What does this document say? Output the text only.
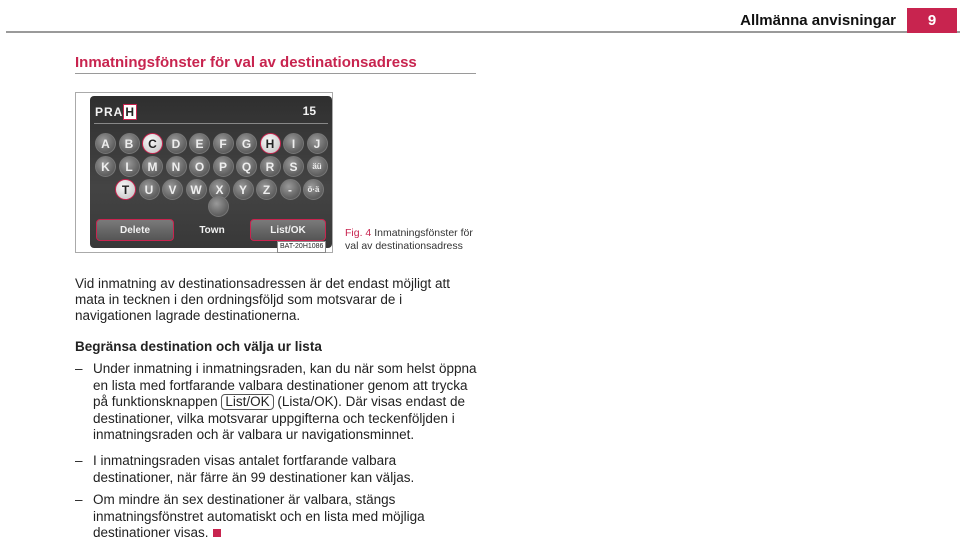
Allmänna anvisningar	9
Inmatningsfönster för val av destinationsadress
PRA H	15
A	B	C	D	E	F	G	H	I	J
K	L	M	N	O	P	Q	R	S	äü
T	U	V	W	X	Y	Z	-	ö·ä
Delete	Town	List/OK
BAT-20H1086
Fig. 4 Inmatningsfönster för val av destinationsadress
Vid inmatning av destinationsadressen är det endast möjligt att mata in tecknen i den ordningsföljd som motsvarar de i navigationen lagrade destinationerna.
Begränsa destination och välja ur lista
– Under inmatning i inmatningsraden, kan du när som helst öppna en lista med fortfarande valbara destinationer genom att trycka på funktionsknappen List/OK (Lista/OK). Där visas endast de destinationer, vilka motsvarar uppgifterna och teckenföljden i inmatningsraden och är valbara ur navigationsminnet.
– I inmatningsraden visas antalet fortfarande valbara destinationer, när färre än 99 destinationer kan väljas.
– Om mindre än sex destinationer är valbara, stängs inmatningsfönstret automatiskt och en lista med möjliga destinationer visas.
